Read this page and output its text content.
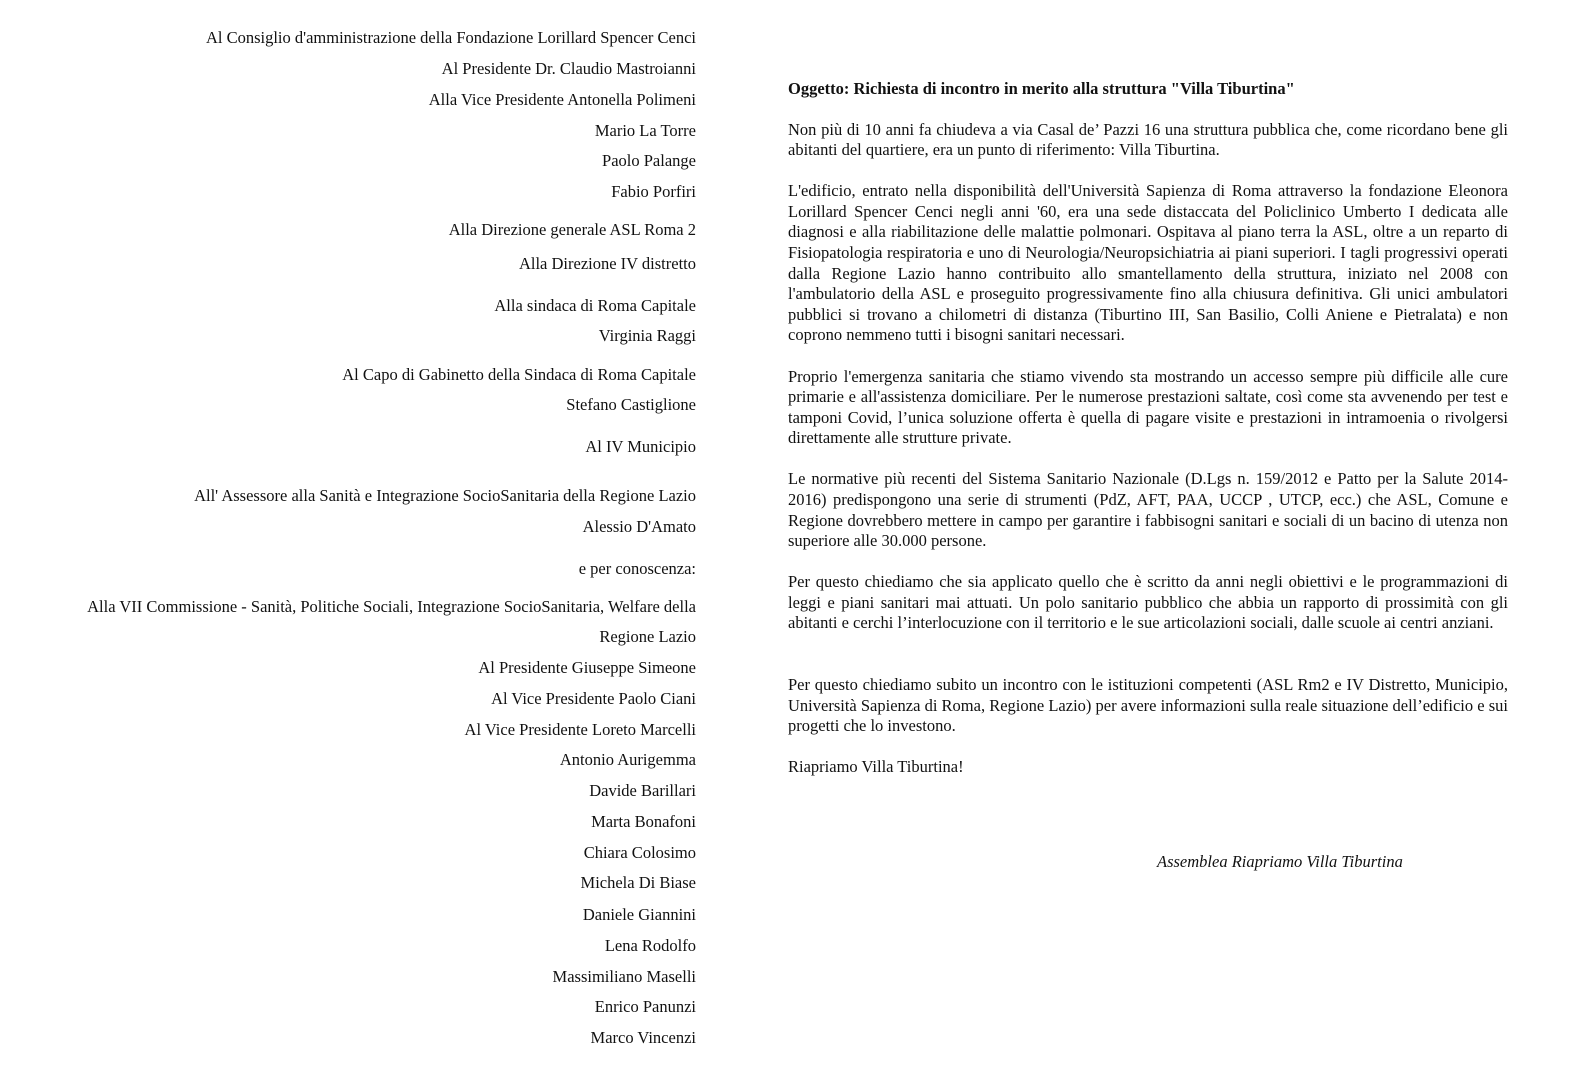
Al Consiglio d'amministrazione della Fondazione Lorillard Spencer Cenci
Al Presidente Dr. Claudio Mastroianni
Alla Vice Presidente Antonella Polimeni
Mario La Torre
Paolo Palange
Fabio Porfiri
Alla Direzione generale ASL Roma 2
Alla Direzione IV distretto
Alla sindaca di Roma Capitale
Virginia Raggi
Al Capo di Gabinetto della Sindaca di Roma Capitale
Stefano Castiglione
Al IV Municipio
All' Assessore alla Sanità e Integrazione SocioSanitaria della Regione Lazio
Alessio D'Amato
e per conoscenza:
Alla VII Commissione - Sanità, Politiche Sociali, Integrazione SocioSanitaria, Welfare della
Regione Lazio
Al Presidente Giuseppe Simeone
Al Vice Presidente Paolo Ciani
Al Vice Presidente Loreto Marcelli
Antonio Aurigemma
Davide Barillari
Marta Bonafoni
Chiara Colosimo
Michela Di Biase
Daniele Giannini
Lena Rodolfo
Massimiliano Maselli
Enrico Panunzi
Marco Vincenzi

Oggetto: Richiesta di incontro in merito alla struttura "Villa Tiburtina"

Non più di 10 anni fa chiudeva a via Casal de’ Pazzi 16 una struttura pubblica che, come ricordano bene gli abitanti del quartiere, era un punto di riferimento: Villa Tiburtina.

L'edificio, entrato nella disponibilità dell'Università Sapienza di Roma attraverso la fondazione Eleonora Lorillard Spencer Cenci negli anni '60, era una sede distaccata del Policlinico Umberto I dedicata alle diagnosi e alla riabilitazione delle malattie polmonari. Ospitava al piano terra la ASL, oltre a un reparto di Fisiopatologia respiratoria e uno di Neurologia/Neuropsichiatria ai piani superiori. I tagli progressivi operati dalla Regione Lazio hanno contribuito allo smantellamento della struttura, iniziato nel 2008 con l'ambulatorio della ASL e proseguito progressivamente fino alla chiusura definitiva. Gli unici ambulatori pubblici si trovano a chilometri di distanza (Tiburtino III, San Basilio, Colli Aniene e Pietralata) e non coprono nemmeno tutti i bisogni sanitari necessari.

Proprio l'emergenza sanitaria che stiamo vivendo sta mostrando un accesso sempre più difficile alle cure primarie e all'assistenza domiciliare. Per le numerose prestazioni saltate, così come sta avvenendo per test e tamponi Covid, l’unica soluzione offerta è quella di pagare visite e prestazioni in intramoenia o rivolgersi direttamente alle strutture private.

Le normative più recenti del Sistema Sanitario Nazionale (D.Lgs n. 159/2012 e Patto per la Salute 2014-2016) predispongono una serie di strumenti (PdZ, AFT, PAA, UCCP , UTCP, ecc.) che ASL, Comune e Regione dovrebbero mettere in campo per garantire i fabbisogni sanitari e sociali di un bacino di utenza non superiore alle 30.000 persone.

Per questo chiediamo che sia applicato quello che è scritto da anni negli obiettivi e le programmazioni di leggi e piani sanitari mai attuati. Un polo sanitario pubblico che abbia un rapporto di prossimità con gli abitanti e cerchi l’interlocuzione con il territorio e le sue articolazioni sociali, dalle scuole ai centri anziani.

Per questo chiediamo subito un incontro con le istituzioni competenti (ASL Rm2 e IV Distretto, Municipio, Università Sapienza di Roma, Regione Lazio) per avere informazioni sulla reale situazione dell’edificio e sui progetti che lo investono.

Riapriamo Villa Tiburtina!

Assemblea Riapriamo Villa Tiburtina
